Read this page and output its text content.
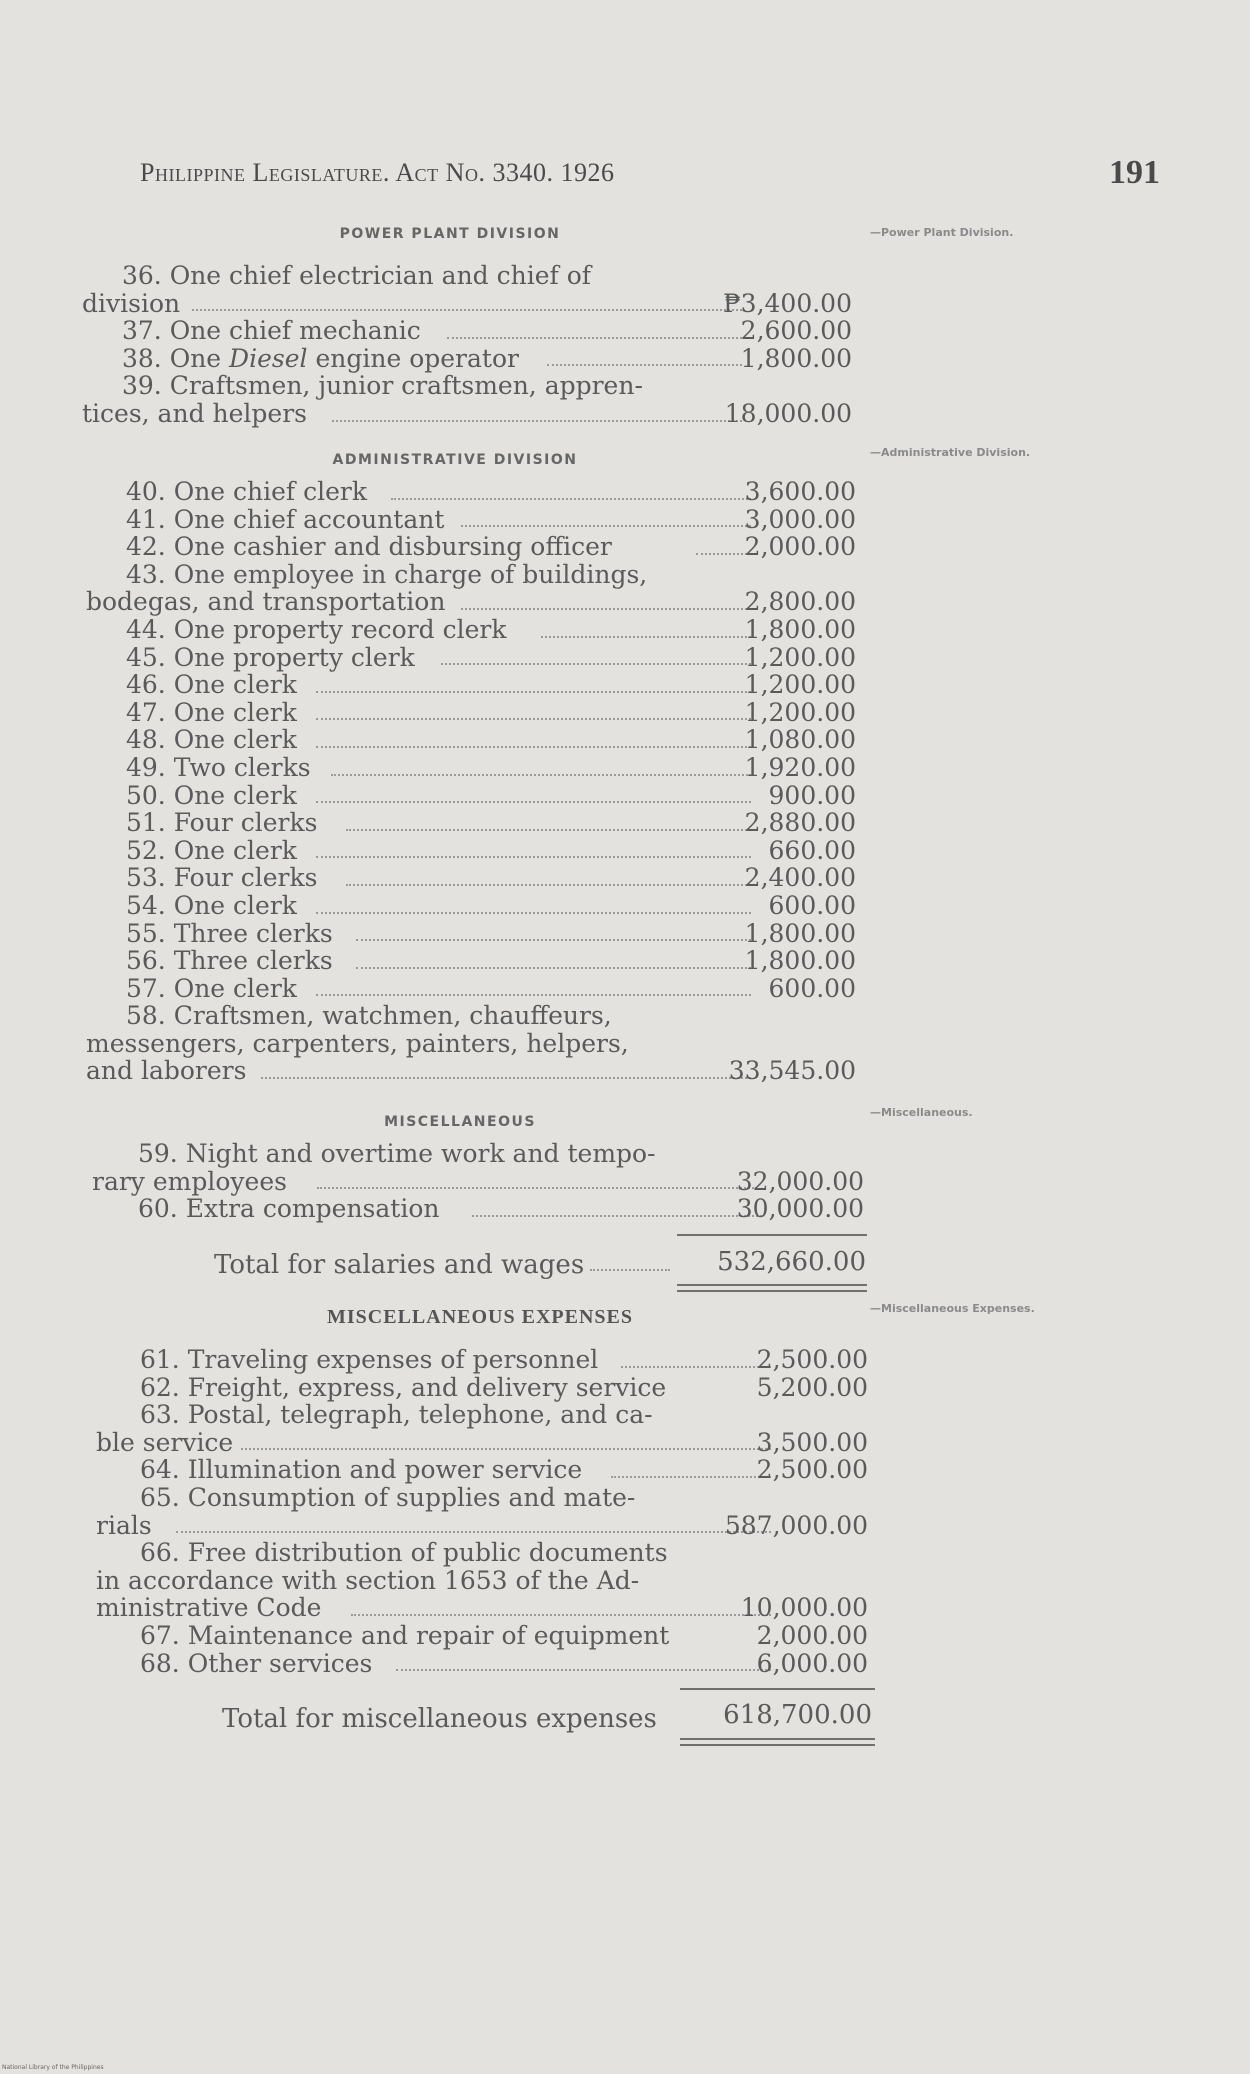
Philippine Legislature. Act No. 3340. 1926	191
POWER PLANT DIVISION	—Power Plant Division.
36. One chief electrician and chief of
division	₱3,400.00
37. One chief mechanic	2,600.00
38. One Diesel engine operator	1,800.00
39. Craftsmen, junior craftsmen, appren-
tices, and helpers	18,000.00
ADMINISTRATIVE DIVISION	—Administrative Division.
40. One chief clerk	3,600.00
41. One chief accountant	3,000.00
42. One cashier and disbursing officer	2,000.00
43. One employee in charge of buildings,
bodegas, and transportation	2,800.00
44. One property record clerk	1,800.00
45. One property clerk	1,200.00
46. One clerk	1,200.00
47. One clerk	1,200.00
48. One clerk	1,080.00
49. Two clerks	1,920.00
50. One clerk	900.00
51. Four clerks	2,880.00
52. One clerk	660.00
53. Four clerks	2,400.00
54. One clerk	600.00
55. Three clerks	1,800.00
56. Three clerks	1,800.00
57. One clerk	600.00
58. Craftsmen, watchmen, chauffeurs,
messengers, carpenters, painters, helpers,
and laborers	33,545.00
MISCELLANEOUS
—Miscellaneous.
59. Night and overtime work and tempo-
rary employees	32,000.00
60. Extra compensation	30,000.00
Total for salaries and wages	532,660.00
MISCELLANEOUS EXPENSES	—Miscellaneous Expenses.
61. Traveling expenses of personnel	2,500.00
62. Freight, express, and delivery service	5,200.00
63. Postal, telegraph, telephone, and ca-
ble service	3,500.00
64. Illumination and power service	2,500.00
65. Consumption of supplies and mate-
rials	587,000.00
66. Free distribution of public documents
in accordance with section 1653 of the Ad-
ministrative Code	10,000.00
67. Maintenance and repair of equipment	2,000.00
68. Other services	6,000.00
Total for miscellaneous expenses	618,700.00
National Library of the Philippines
